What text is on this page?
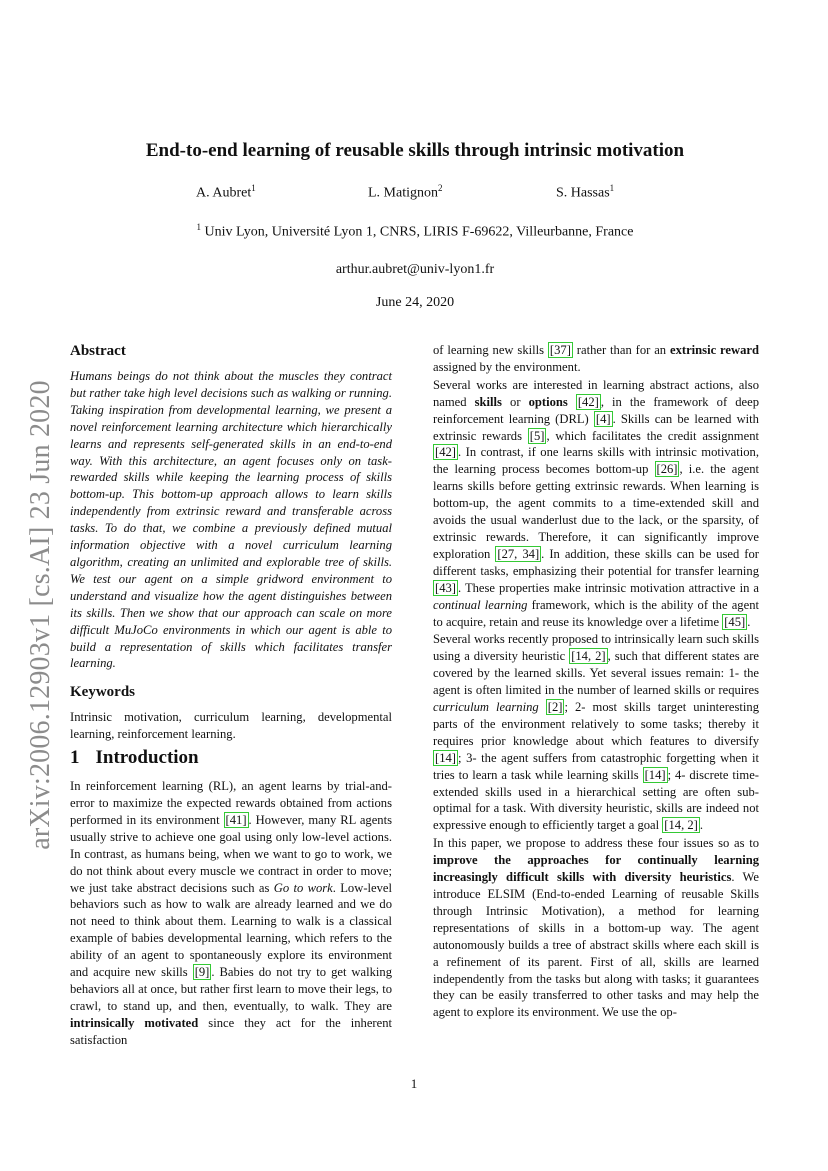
arXiv:2006.12903v1 [cs.AI] 23 Jun 2020
End-to-end learning of reusable skills through intrinsic motivation
A. Aubret$^1$	L. Matignon$^2$	S. Hassas$^1$
$^1$ Univ Lyon, Université Lyon 1, CNRS, LIRIS F-69622, Villeurbanne, France
arthur.aubret@univ-lyon1.fr
June 24, 2020
Abstract

Humans beings do not think about the muscles they contract but rather take high level decisions such as walking or running. Taking inspiration from developmental learning, we present a novel reinforcement learning architecture which hierarchically learns and represents self-generated skills in an end-to-end way. With this architecture, an agent focuses only on task-rewarded skills while keeping the learning process of skills bottom-up. This bottom-up approach allows to learn skills independently from extrinsic reward and transferable across tasks. To do that, we combine a previously defined mutual information objective with a novel curriculum learning algorithm, creating an unlimited and explorable tree of skills. We test our agent on a simple gridword environment to understand and visualize how the agent distinguishes between its skills. Then we show that our approach can scale on more difficult MuJoCo environments in which our agent is able to build a representation of skills which facilitates transfer learning.

Keywords

Intrinsic motivation, curriculum learning, developmental learning, reinforcement learning.

1 Introduction

In reinforcement learning (RL), an agent learns by trial-and-error to maximize the expected rewards obtained from actions performed in its environment [41] . However, many RL agents usually strive to achieve one goal using only low-level actions. In contrast, as humans being, when we want to go to work, we do not think about every muscle we contract in order to move; we just take abstract decisions such as Go to work. Low-level behaviors such as how to walk are already learned and we do not need to think about them. Learning to walk is a classical example of babies developmental learning, which refers to the ability of an agent to spontaneously explore its environment and acquire new skills [9] . Babies do not try to get walking behaviors all at once, but rather first learn to move their legs, to crawl, to stand up, and then, eventually, to walk. They are intrinsically motivated since they act for the inherent satisfaction

of learning new skills [37] rather than for an extrinsic reward assigned by the environment.

Several works are interested in learning abstract actions, also named skills or options [42] , in the framework of deep reinforcement learning (DRL) [4] . Skills can be learned with extrinsic rewards [5] , which facilitates the credit assignment [42] . In contrast, if one learns skills with intrinsic motivation, the learning process becomes bottom-up [26] , i.e. the agent learns skills before getting extrinsic rewards. When learning is bottom-up, the agent commits to a time-extended skill and avoids the usual wanderlust due to the lack, or the sparsity, of extrinsic rewards. Therefore, it can significantly improve exploration [27, 34] . In addition, these skills can be used for different tasks, emphasizing their potential for transfer learning [43] . These properties make intrinsic motivation attractive in a continual learning framework, which is the ability of the agent to acquire, retain and reuse its knowledge over a lifetime [45] .

Several works recently proposed to intrinsically learn such skills using a diversity heuristic [14, 2] , such that different states are covered by the learned skills. Yet several issues remain: 1- the agent is often limited in the number of learned skills or requires curriculum learning [2] ; 2- most skills target uninteresting parts of the environment relatively to some tasks; thereby it requires prior knowledge about which features to diversify [14] ; 3- the agent suffers from catastrophic forgetting when it tries to learn a task while learning skills [14] ; 4- discrete time-extended skills used in a hierarchical setting are often sub-optimal for a task. With diversity heuristic, skills are indeed not expressive enough to efficiently target a goal [14, 2] .

In this paper, we propose to address these four issues so as to improve the approaches for continually learning increasingly difficult skills with diversity heuristics. We introduce ELSIM (End-to-ended Learning of reusable Skills through Intrinsic Motivation), a method for learning representations of skills in a bottom-up way. The agent autonomously builds a tree of abstract skills where each skill is a refinement of its parent. First of all, skills are learned independently from the tasks but along with tasks; it guarantees they can be easily transferred to other tasks and may help the agent to explore its environment. We use the op-

1
